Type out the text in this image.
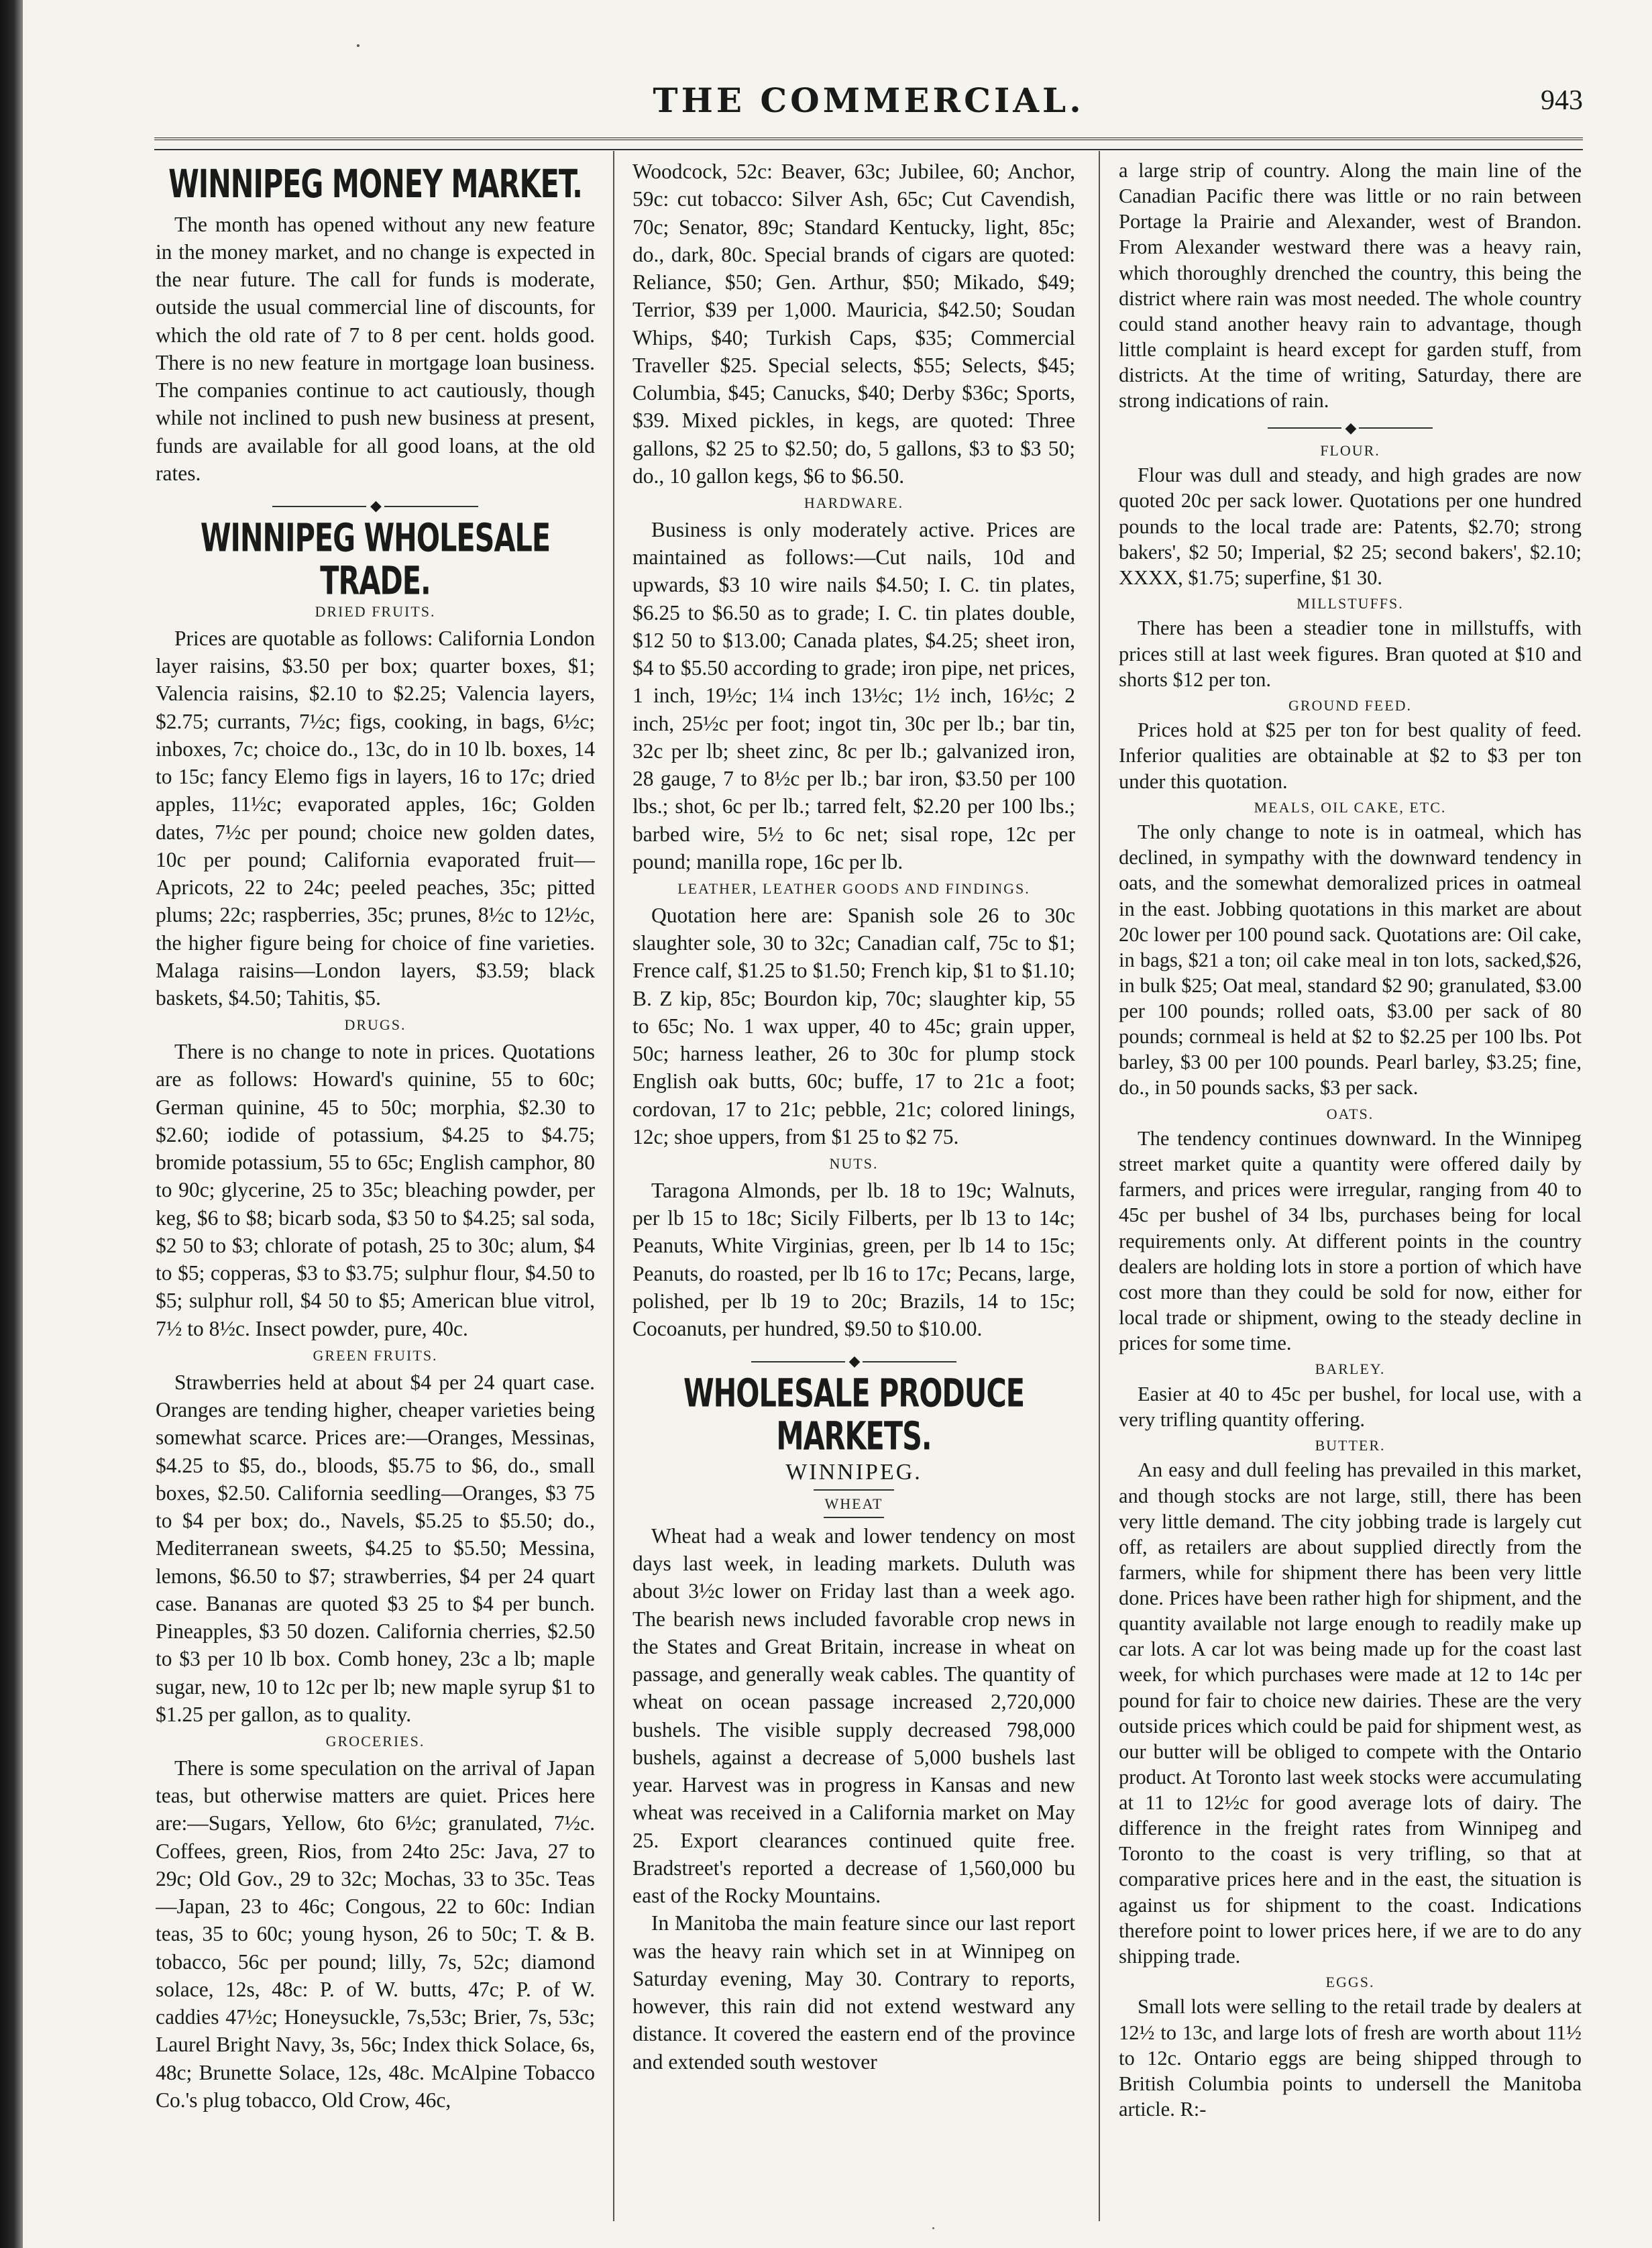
THE COMMERCIAL.	943
WINNIPEG MONEY MARKET.

The month has opened without any new feature in the money market, and no change is expected in the near future. The call for funds is moderate, outside the usual commercial line of discounts, for which the old rate of 7 to 8 per cent. holds good. There is no new feature in mortgage loan business. The companies continue to act cautiously, though while not inclined to push new business at present, funds are available for all good loans, at the old rates.

◆
WINNIPEG WHOLESALE TRADE.
DRIED FRUITS.

Prices are quotable as follows: California London layer raisins, $3.50 per box; quarter boxes, $1; Valencia raisins, $2.10 to $2.25; Valencia layers, $2.75; currants, 7½c; figs, cooking, in bags, 6½c; inboxes, 7c; choice do., 13c, do in 10 lb. boxes, 14 to 15c; fancy Elemo figs in layers, 16 to 17c; dried apples, 11½c; evaporated apples, 16c; Golden dates, 7½c per pound; choice new golden dates, 10c per pound; California evaporated fruit—Apricots, 22 to 24c; peeled peaches, 35c; pitted plums; 22c; raspberries, 35c; prunes, 8½c to 12½c, the higher figure being for choice of fine varieties. Malaga raisins—London layers, $3.59; black baskets, $4.50; Tahitis, $5.

DRUGS.

There is no change to note in prices. Quotations are as follows: Howard's quinine, 55 to 60c; German quinine, 45 to 50c; morphia, $2.30 to $2.60; iodide of potassium, $4.25 to $4.75; bromide potassium, 55 to 65c; English camphor, 80 to 90c; glycerine, 25 to 35c; bleaching powder, per keg, $6 to $8; bicarb soda, $3 50 to $4.25; sal soda, $2 50 to $3; chlorate of potash, 25 to 30c; alum, $4 to $5; copperas, $3 to $3.75; sulphur flour, $4.50 to $5; sulphur roll, $4 50 to $5; American blue vitrol, 7½ to 8½c. Insect powder, pure, 40c.

GREEN FRUITS.

Strawberries held at about $4 per 24 quart case. Oranges are tending higher, cheaper varieties being somewhat scarce. Prices are:—Oranges, Messinas, $4.25 to $5, do., bloods, $5.75 to $6, do., small boxes, $2.50. California seedling—Oranges, $3 75 to $4 per box; do., Navels, $5.25 to $5.50; do., Mediterranean sweets, $4.25 to $5.50; Messina, lemons, $6.50 to $7; strawberries, $4 per 24 quart case. Bananas are quoted $3 25 to $4 per bunch. Pineapples, $3 50 dozen. California cherries, $2.50 to $3 per 10 lb box. Comb honey, 23c a lb; maple sugar, new, 10 to 12c per lb; new maple syrup $1 to $1.25 per gallon, as to quality.

GROCERIES.

There is some speculation on the arrival of Japan teas, but otherwise matters are quiet. Prices here are:—Sugars, Yellow, 6to 6½c; granulated, 7½c. Coffees, green, Rios, from 24to 25c: Java, 27 to 29c; Old Gov., 29 to 32c; Mochas, 33 to 35c. Teas—Japan, 23 to 46c; Congous, 22 to 60c: Indian teas, 35 to 60c; young hyson, 26 to 50c; T. & B. tobacco, 56c per pound; lilly, 7s, 52c; diamond solace, 12s, 48c: P. of W. butts, 47c; P. of W. caddies 47½c; Honeysuckle, 7s,53c; Brier, 7s, 53c; Laurel Bright Navy, 3s, 56c; Index thick Solace, 6s, 48c; Brunette Solace, 12s, 48c. McAlpine Tobacco Co.'s plug tobacco, Old Crow, 46c,

Woodcock, 52c: Beaver, 63c; Jubilee, 60; Anchor, 59c: cut tobacco: Silver Ash, 65c; Cut Cavendish, 70c; Senator, 89c; Standard Kentucky, light, 85c; do., dark, 80c. Special brands of cigars are quoted: Reliance, $50; Gen. Arthur, $50; Mikado, $49; Terrior, $39 per 1,000. Mauricia, $42.50; Soudan Whips, $40; Turkish Caps, $35; Commercial Traveller $25. Special selects, $55; Selects, $45; Columbia, $45; Canucks, $40; Derby $36c; Sports, $39. Mixed pickles, in kegs, are quoted: Three gallons, $2 25 to $2.50; do, 5 gallons, $3 to $3 50; do., 10 gallon kegs, $6 to $6.50.

HARDWARE.

Business is only moderately active. Prices are maintained as follows:—Cut nails, 10d and upwards, $3 10 wire nails $4.50; I. C. tin plates, $6.25 to $6.50 as to grade; I. C. tin plates double, $12 50 to $13.00; Canada plates, $4.25; sheet iron, $4 to $5.50 according to grade; iron pipe, net prices, 1 inch, 19½c; 1¼ inch 13½c; 1½ inch, 16½c; 2 inch, 25½c per foot; ingot tin, 30c per lb.; bar tin, 32c per lb; sheet zinc, 8c per lb.; galvanized iron, 28 gauge, 7 to 8½c per lb.; bar iron, $3.50 per 100 lbs.; shot, 6c per lb.; tarred felt, $2.20 per 100 lbs.; barbed wire, 5½ to 6c net; sisal rope, 12c per pound; manilla rope, 16c per lb.

LEATHER, LEATHER GOODS AND FINDINGS.

Quotation here are: Spanish sole 26 to 30c slaughter sole, 30 to 32c; Canadian calf, 75c to $1; Frence calf, $1.25 to $1.50; French kip, $1 to $1.10; B. Z kip, 85c; Bourdon kip, 70c; slaughter kip, 55 to 65c; No. 1 wax upper, 40 to 45c; grain upper, 50c; harness leather, 26 to 30c for plump stock English oak butts, 60c; buffe, 17 to 21c a foot; cordovan, 17 to 21c; pebble, 21c; colored linings, 12c; shoe uppers, from $1 25 to $2 75.

NUTS.

Taragona Almonds, per lb. 18 to 19c; Walnuts, per lb 15 to 18c; Sicily Filberts, per lb 13 to 14c; Peanuts, White Virginias, green, per lb 14 to 15c; Peanuts, do roasted, per lb 16 to 17c; Pecans, large, polished, per lb 19 to 20c; Brazils, 14 to 15c; Cocoanuts, per hundred, $9.50 to $10.00.

◆
WHOLESALE PRODUCE MARKETS.
WINNIPEG.
WHEAT

Wheat had a weak and lower tendency on most days last week, in leading markets. Duluth was about 3½c lower on Friday last than a week ago. The bearish news included favorable crop news in the States and Great Britain, increase in wheat on passage, and generally weak cables. The quantity of wheat on ocean passage increased 2,720,000 bushels. The visible supply decreased 798,000 bushels, against a decrease of 5,000 bushels last year. Harvest was in progress in Kansas and new wheat was received in a California market on May 25. Export clearances continued quite free. Bradstreet's reported a decrease of 1,560,000 bu east of the Rocky Mountains.

In Manitoba the main feature since our last report was the heavy rain which set in at Winnipeg on Saturday evening, May 30. Contrary to reports, however, this rain did not extend westward any distance. It covered the eastern end of the province and extended south westover

a large strip of country. Along the main line of the Canadian Pacific there was little or no rain between Portage la Prairie and Alexander, west of Brandon. From Alexander westward there was a heavy rain, which thoroughly drenched the country, this being the district where rain was most needed. The whole country could stand another heavy rain to advantage, though little complaint is heard except for garden stuff, from districts. At the time of writing, Saturday, there are strong indications of rain.

◆
FLOUR.

Flour was dull and steady, and high grades are now quoted 20c per sack lower. Quotations per one hundred pounds to the local trade are: Patents, $2.70; strong bakers', $2 50; Imperial, $2 25; second bakers', $2.10; XXXX, $1.75; superfine, $1 30.

MILLSTUFFS.

There has been a steadier tone in millstuffs, with prices still at last week figures. Bran quoted at $10 and shorts $12 per ton.

GROUND FEED.

Prices hold at $25 per ton for best quality of feed. Inferior qualities are obtainable at $2 to $3 per ton under this quotation.

MEALS, OIL CAKE, ETC.

The only change to note is in oatmeal, which has declined, in sympathy with the downward tendency in oats, and the somewhat demoralized prices in oatmeal in the east. Jobbing quotations in this market are about 20c lower per 100 pound sack. Quotations are: Oil cake, in bags, $21 a ton; oil cake meal in ton lots, sacked,$26, in bulk $25; Oat meal, standard $2 90; granulated, $3.00 per 100 pounds; rolled oats, $3.00 per sack of 80 pounds; cornmeal is held at $2 to $2.25 per 100 lbs. Pot barley, $3 00 per 100 pounds. Pearl barley, $3.25; fine, do., in 50 pounds sacks, $3 per sack.

OATS.

The tendency continues downward. In the Winnipeg street market quite a quantity were offered daily by farmers, and prices were irregular, ranging from 40 to 45c per bushel of 34 lbs, purchases being for local requirements only. At different points in the country dealers are holding lots in store a portion of which have cost more than they could be sold for now, either for local trade or shipment, owing to the steady decline in prices for some time.

BARLEY.

Easier at 40 to 45c per bushel, for local use, with a very trifling quantity offering.

BUTTER.

An easy and dull feeling has prevailed in this market, and though stocks are not large, still, there has been very little demand. The city jobbing trade is largely cut off, as retailers are about supplied directly from the farmers, while for shipment there has been very little done. Prices have been rather high for shipment, and the quantity available not large enough to readily make up car lots. A car lot was being made up for the coast last week, for which purchases were made at 12 to 14c per pound for fair to choice new dairies. These are the very outside prices which could be paid for shipment west, as our butter will be obliged to compete with the Ontario product. At Toronto last week stocks were accumulating at 11 to 12½c for good average lots of dairy. The difference in the freight rates from Winnipeg and Toronto to the coast is very trifling, so that at comparative prices here and in the east, the situation is against us for shipment to the coast. Indications therefore point to lower prices here, if we are to do any shipping trade.

EGGS.

Small lots were selling to the retail trade by dealers at 12½ to 13c, and large lots of fresh are worth about 11½ to 12c. Ontario eggs are being shipped through to British Columbia points to undersell the Manitoba article. R:-
